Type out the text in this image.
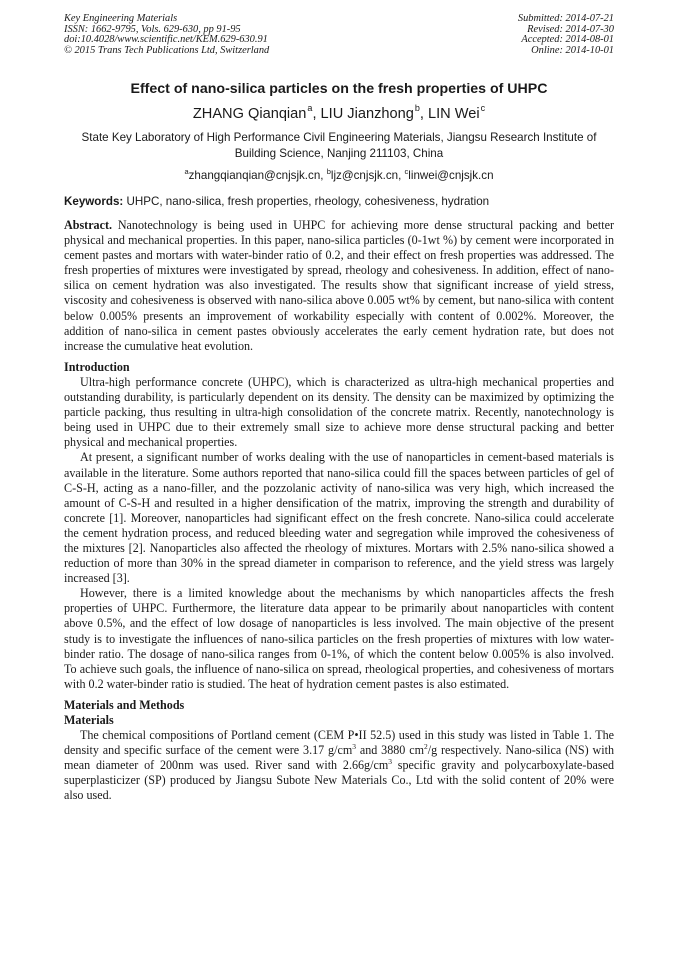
Key Engineering Materials
ISSN: 1662-9795, Vols. 629-630, pp 91-95
doi:10.4028/www.scientific.net/KEM.629-630.91
© 2015 Trans Tech Publications Ltd, Switzerland
Submitted: 2014-07-21
Revised: 2014-07-30
Accepted: 2014-08-01
Online: 2014-10-01
Effect of nano-silica particles on the fresh properties of UHPC
ZHANG Qianqian$^a$, LIU Jianzhong$^b$, LIN Wei$^c$
State Key Laboratory of High Performance Civil Engineering Materials, Jiangsu Research Institute of Building Science, Nanjing 211103, China
$^a$zhangqianqian@cnjsjk.cn, $^b$ljz@cnjsjk.cn, $^c$linwei@cnjsjk.cn
Keywords: UHPC, nano-silica, fresh properties, rheology, cohesiveness, hydration

Abstract. Nanotechnology is being used in UHPC for achieving more dense structural packing and better physical and mechanical properties. In this paper, nano-silica particles (0-1wt %) by cement were incorporated in cement pastes and mortars with water-binder ratio of 0.2, and their effect on fresh properties was addressed. The fresh properties of mixtures were investigated by spread, rheology and cohesiveness. In addition, effect of nano-silica on cement hydration was also investigated. The results show that significant increase of yield stress, viscosity and cohesiveness is observed with nano-silica above 0.005 wt% by cement, but nano-silica with content below 0.005% presents an improvement of workability especially with content of 0.002%. Moreover, the addition of nano-silica in cement pastes obviously accelerates the early cement hydration rate, but does not increase the cumulative heat evolution.

Introduction

Ultra-high performance concrete (UHPC), which is characterized as ultra-high mechanical properties and outstanding durability, is particularly dependent on its density. The density can be maximized by optimizing the particle packing, thus resulting in ultra-high consolidation of the concrete matrix. Recently, nanotechnology is being used in UHPC due to their extremely small size to achieve more dense structural packing and better physical and mechanical properties.

At present, a significant number of works dealing with the use of nanoparticles in cement-based materials is available in the literature. Some authors reported that nano-silica could fill the spaces between particles of gel of C-S-H, acting as a nano-filler, and the pozzolanic activity of nano-silica was very high, which increased the amount of C-S-H and resulted in a higher densification of the matrix, improving the strength and durability of concrete [1]. Moreover, nanoparticles had significant effect on the fresh concrete. Nano-silica could accelerate the cement hydration process, and reduced bleeding water and segregation while improved the cohesiveness of the mixtures [2]. Nanoparticles also affected the rheology of mixtures. Mortars with 2.5% nano-silica showed a reduction of more than 30% in the spread diameter in comparison to reference, and the yield stress was largely increased [3].

However, there is a limited knowledge about the mechanisms by which nanoparticles affects the fresh properties of UHPC. Furthermore, the literature data appear to be primarily about nanoparticles with content above 0.5%, and the effect of low dosage of nanoparticles is less involved. The main objective of the present study is to investigate the influences of nano-silica particles on the fresh properties of mixtures with low water-binder ratio. The dosage of nano-silica ranges from 0-1%, of which the content below 0.005% is also involved. To achieve such goals, the influence of nano-silica on spread, rheological properties, and cohesiveness of mortars with 0.2 water-binder ratio is studied. The heat of hydration cement pastes is also estimated.

Materials and Methods
Materials

The chemical compositions of Portland cement (CEM P•II 52.5) used in this study was listed in Table 1. The density and specific surface of the cement were 3.17 $g/cm^3$ and 3880 $cm^2/g$ respectively. Nano-silica (NS) with mean diameter of 200nm was used. River sand with $2.66g/cm^3$ specific gravity and polycarboxylate-based superplasticizer (SP) produced by Jiangsu Subote New Materials Co., Ltd with the solid content of 20% were also used.
